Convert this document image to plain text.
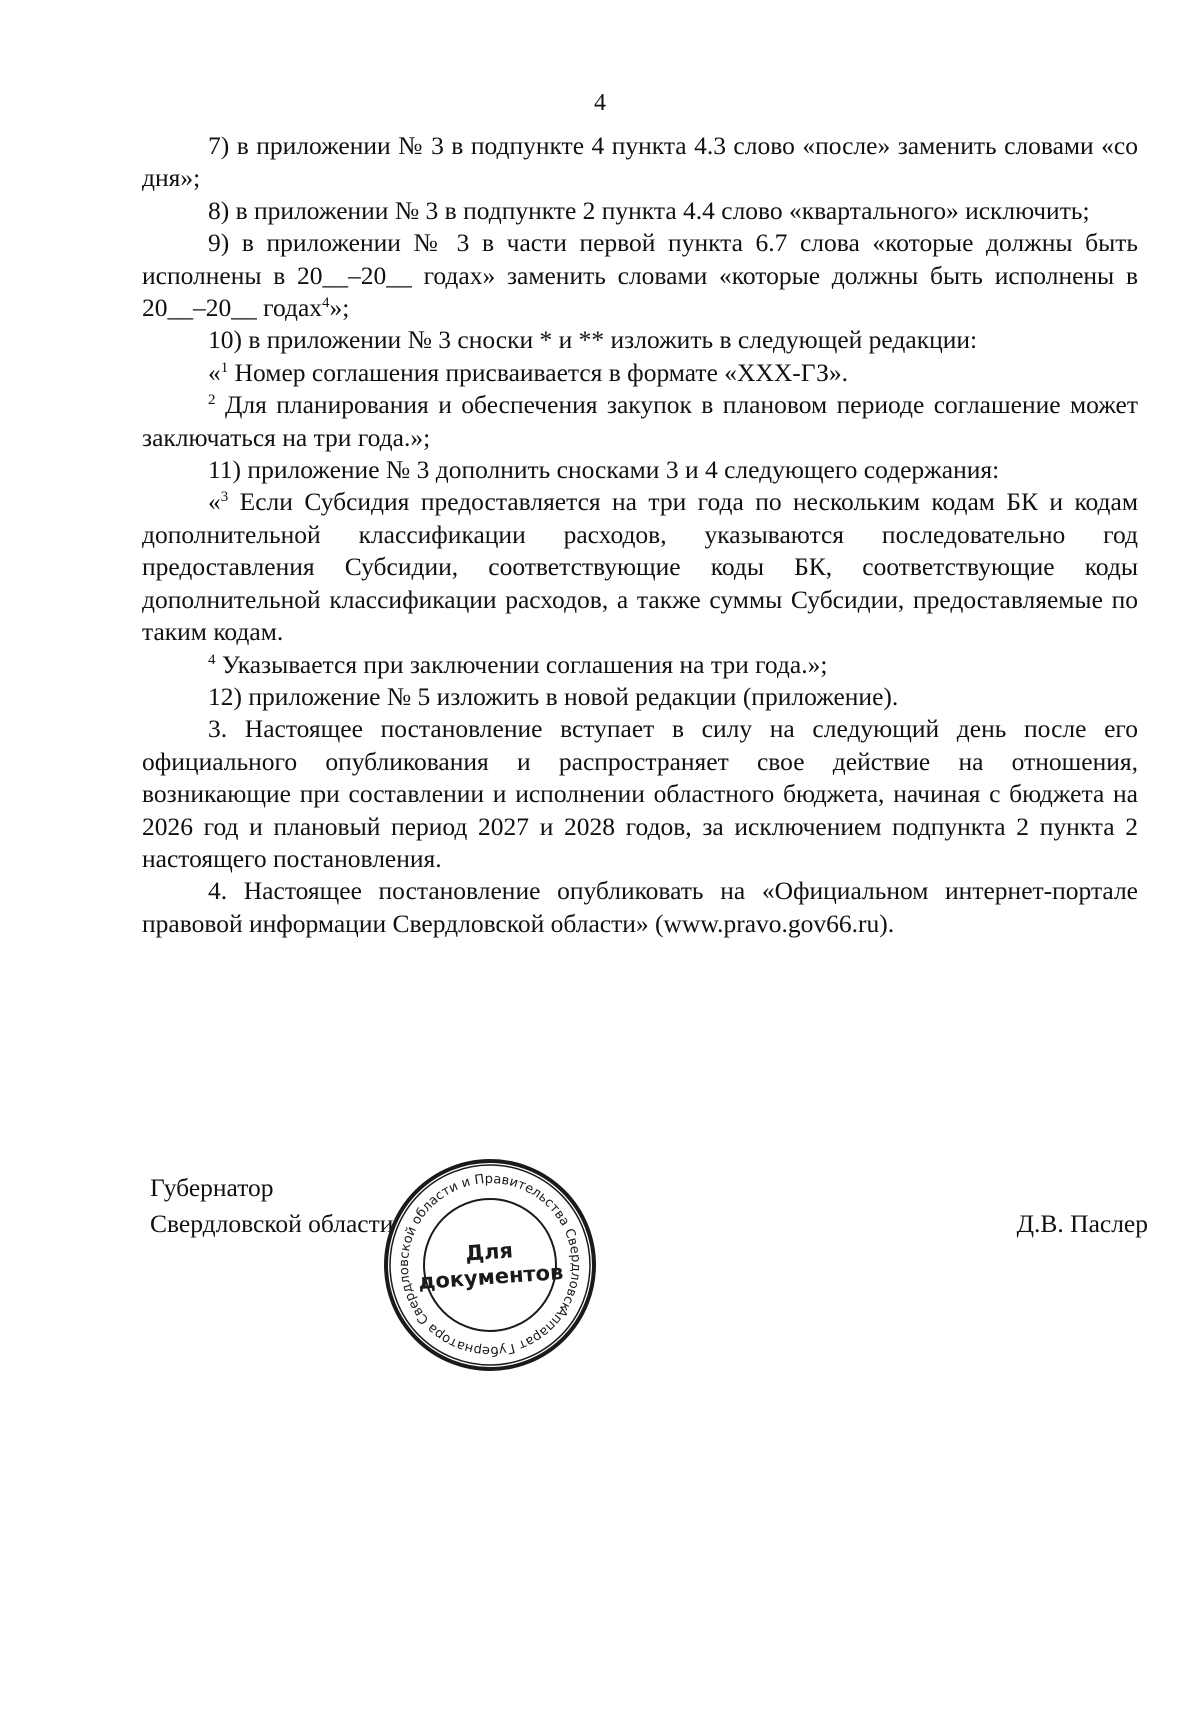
4

7) в приложении № 3 в подпункте 4 пункта 4.3 слово «после» заменить словами «со дня»;

8) в приложении № 3 в подпункте 2 пункта 4.4 слово «квартального» исключить;

9) в приложении № 3 в части первой пункта 6.7 слова «которые должны быть исполнены в 20__–20__ годах» заменить словами «которые должны быть исполнены в 20__–20__ годах$^4$»;

10) в приложении № 3 сноски * и ** изложить в следующей редакции:

«$^1$ Номер соглашения присваивается в формате «XXX-ГЗ».

$^2$ Для планирования и обеспечения закупок в плановом периоде соглашение может заключаться на три года.»;

11) приложение № 3 дополнить сносками 3 и 4 следующего содержания:

«$^3$ Если Субсидия предоставляется на три года по нескольким кодам БК и кодам дополнительной классификации расходов, указываются последовательно год предоставления Субсидии, соответствующие коды БК, соответствующие коды дополнительной классификации расходов, а также суммы Субсидии, предоставляемые по таким кодам.

$^4$ Указывается при заключении соглашения на три года.»;

12) приложение № 5 изложить в новой редакции (приложение).

3. Настоящее постановление вступает в силу на следующий день после его официального опубликования и распространяет свое действие на отношения, возникающие при составлении и исполнении областного бюджета, начиная с бюджета на 2026 год и плановый период 2027 и 2028 годов, за исключением подпункта 2 пункта 2 настоящего постановления.

4. Настоящее постановление опубликовать на «Официальном интернет-портале правовой информации Свердловской области» (www.pravo.gov66.ru).

Губернатор
Свердловской области
Аппарат Губернатора Свердловской области и Правительства Свердловской
Для
документов
Д.В. Паслер
